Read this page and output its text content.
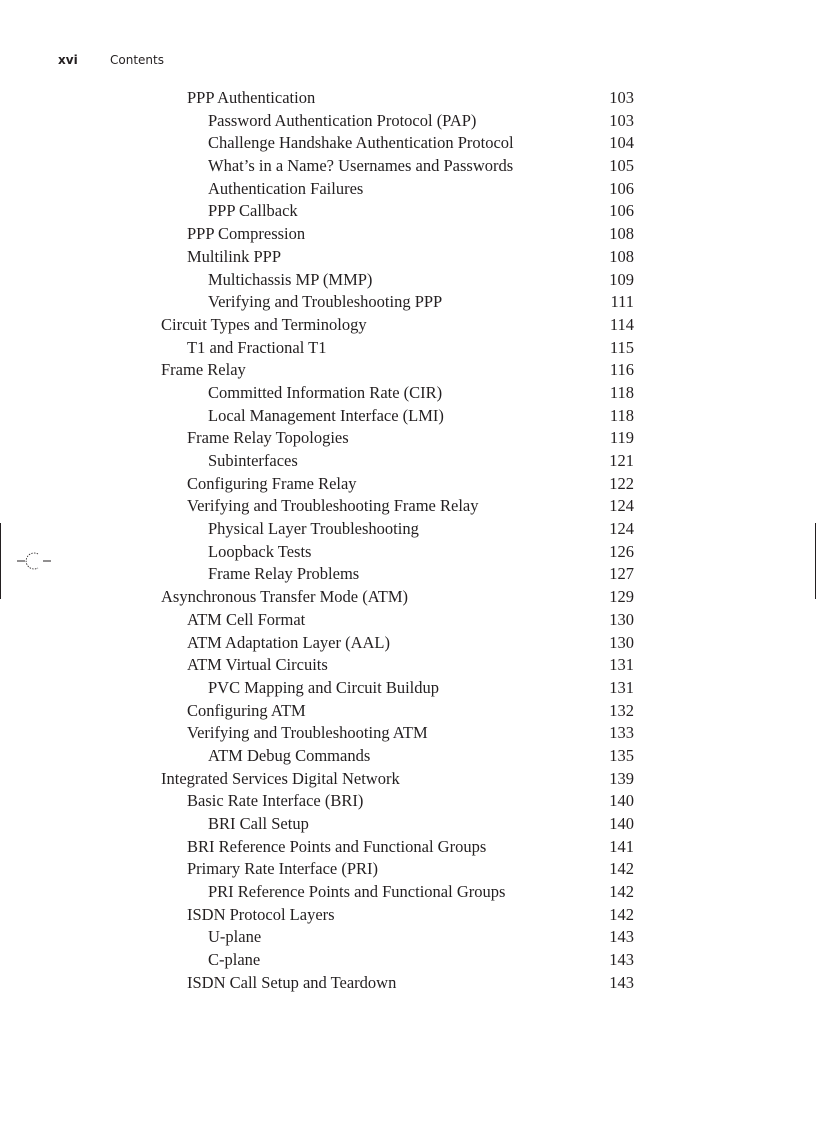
xvi	Contents
PPP Authentication	103
Password Authentication Protocol (PAP)	103
Challenge Handshake Authentication Protocol	104
What’s in a Name? Usernames and Passwords	105
Authentication Failures	106
PPP Callback	106
PPP Compression	108
Multilink PPP	108
Multichassis MP (MMP)	109
Verifying and Troubleshooting PPP	111
Circuit Types and Terminology	114
T1 and Fractional T1	115
Frame Relay	116
Committed Information Rate (CIR)	118
Local Management Interface (LMI)	118
Frame Relay Topologies	119
Subinterfaces	121
Configuring Frame Relay	122
Verifying and Troubleshooting Frame Relay	124
Physical Layer Troubleshooting	124
Loopback Tests	126
Frame Relay Problems	127
Asynchronous Transfer Mode (ATM)	129
ATM Cell Format	130
ATM Adaptation Layer (AAL)	130
ATM Virtual Circuits	131
PVC Mapping and Circuit Buildup	131
Configuring ATM	132
Verifying and Troubleshooting ATM	133
ATM Debug Commands	135
Integrated Services Digital Network	139
Basic Rate Interface (BRI)	140
BRI Call Setup	140
BRI Reference Points and Functional Groups	141
Primary Rate Interface (PRI)	142
PRI Reference Points and Functional Groups	142
ISDN Protocol Layers	142
U-plane	143
C-plane	143
ISDN Call Setup and Teardown	143
